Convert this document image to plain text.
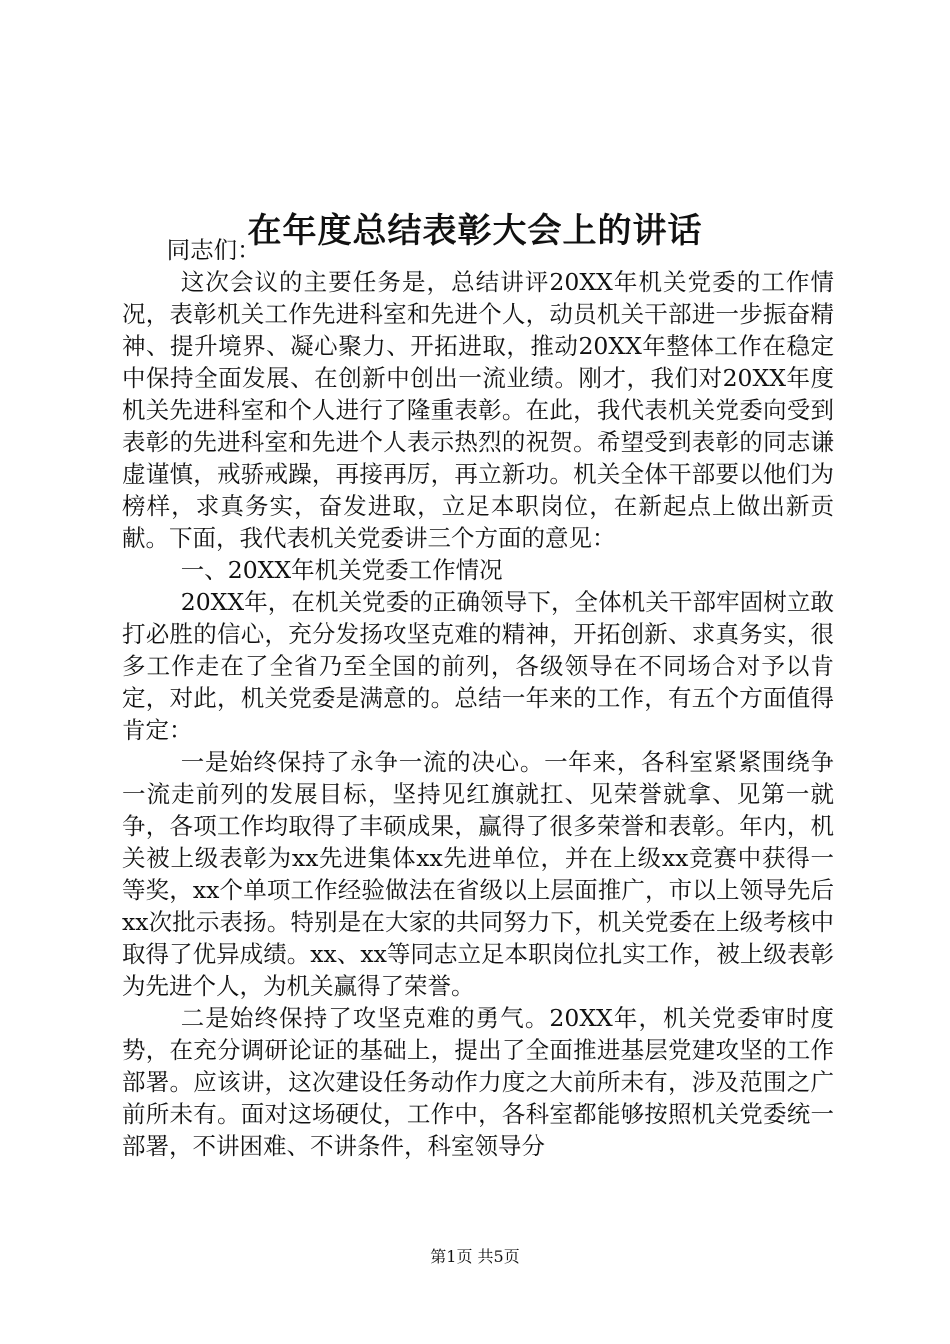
在年度总结表彰大会上的讲话

同志们：

这次会议的主要任务是，总结讲评20XX年机关党委的工作情况，表彰机关工作先进科室和先进个人，动员机关干部进一步振奋精神、提升境界、凝心聚力、开拓进取，推动20XX年整体工作在稳定中保持全面发展、在创新中创出一流业绩。刚才，我们对20XX年度机关先进科室和个人进行了隆重表彰。在此，我代表机关党委向受到表彰的先进科室和先进个人表示热烈的祝贺。希望受到表彰的同志谦虚谨慎，戒骄戒躁，再接再厉，再立新功。机关全体干部要以他们为榜样，求真务实，奋发进取，立足本职岗位，在新起点上做出新贡献。下面，我代表机关党委讲三个方面的意见：

一、20XX年机关党委工作情况

20XX年，在机关党委的正确领导下，全体机关干部牢固树立敢打必胜的信心，充分发扬攻坚克难的精神，开拓创新、求真务实，很多工作走在了全省乃至全国的前列，各级领导在不同场合对予以肯定，对此，机关党委是满意的。总结一年来的工作，有五个方面值得肯定：

一是始终保持了永争一流的决心。一年来，各科室紧紧围绕争一流走前列的发展目标，坚持见红旗就扛、见荣誉就拿、见第一就争，各项工作均取得了丰硕成果，赢得了很多荣誉和表彰。年内，机关被上级表彰为xx先进集体xx先进单位，并在上级xx竞赛中获得一等奖，xx个单项工作经验做法在省级以上层面推广，市以上领导先后xx次批示表扬。特别是在大家的共同努力下，机关党委在上级考核中取得了优异成绩。xx、xx等同志立足本职岗位扎实工作，被上级表彰为先进个人，为机关赢得了荣誉。

二是始终保持了攻坚克难的勇气。20XX年，机关党委审时度势，在充分调研论证的基础上，提出了全面推进基层党建攻坚的工作部署。应该讲，这次建设任务动作力度之大前所未有，涉及范围之广前所未有。面对这场硬仗，工作中，各科室都能够按照机关党委统一部署，不讲困难、不讲条件，科室领导分

第1页 共5页
